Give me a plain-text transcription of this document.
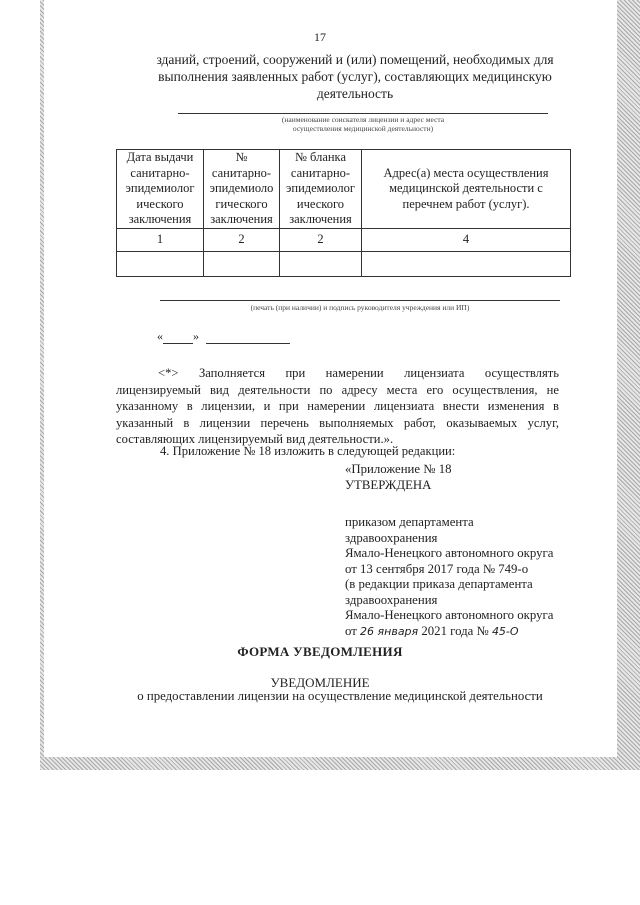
17
зданий, строений, сооружений и (или) помещений, необходимых для
выполнения заявленных работ (услуг), составляющих медицинскую
деятельность
(наименование соискателя лицензии и адрес места
осуществления медицинской деятельности)
Дата выдачи санитарно-эпидемиолог ического заключения	№ санитарно-эпидемиоло гического заключения	№ бланка санитарно-эпидемиолог ического заключения	Адрес(а) места осуществления медицинской деятельности с перечнем работ (услуг).
1	2	2	4

(печать (при наличии) и подпись руководителя учреждения или ИП)
«	»
<*> Заполняется при намерении лицензиата осуществлять
лицензируемый вид деятельности по адресу места его осуществления, не
указанному в лицензии, и при намерении лицензиата внести изменения в
указанный в лицензии перечень выполняемых работ, оказываемых услуг,
составляющих лицензируемый вид деятельности.».
4. Приложение № 18 изложить в следующей редакции:
«Приложение № 18
УТВЕРЖДЕНА
приказом департамента
здравоохранения
Ямало-Ненецкого автономного округа
от 13 сентября 2017 года № 749-о
(в редакции приказа департамента
здравоохранения
Ямало-Ненецкого автономного округа
от 26 января 2021 года № 45-О
ФОРМА УВЕДОМЛЕНИЯ
УВЕДОМЛЕНИЕ
о предоставлении лицензии на осуществление медицинской деятельности
